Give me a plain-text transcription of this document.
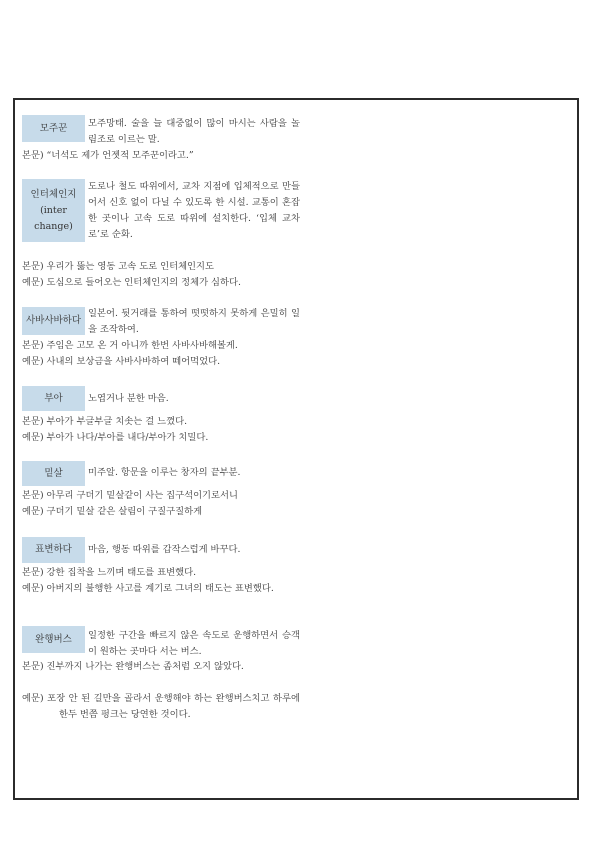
모주꾼 모주망태. 술을 늘 대중없이 많이 마시는 사람을 놀림조로 이르는 말.
본문) “너석도 제가 언젯적 모주꾼이라고.”
인터체인지
(inter
change)
도로나 철도 따위에서, 교차 지점에 입체적으로 만들어서 신호 없이 다닐 수 있도록 한 시설. 교통이 혼잡한 곳이나 고속 도로 따위에 설치한다. ‘입체 교차로’로 순화.
본문) 우리가 뚫는 영동 고속 도로 인터체인지도
예문) 도심으로 들어오는 인터체인지의 정체가 심하다.
사바사바하다
일본어. 뒷거래를 통하여 떳떳하지 못하게 은밀히 일을 조작하여.
본문) 주임은 고모 온 거 아니까 한번 사바사바해볼게.
예문) 사내의 보상금을 사바사바하여 떼어먹었다.
부아	노엽거나 분한 마음.
본문) 부아가 부글부글 치솟는 걸 느꼈다.
예문) 부아가 나다/부아를 내다/부아가 치밀다.
밑살	미주알. 항문을 이루는 창자의 끝부분.
본문) 아무리 구더기 밑살같이 사는 집구석이기로서니
예문) 구더기 밑살 같은 살림이 구질구질하게
표변하다 마음, 행동 따위를 갑작스럽게 바꾸다.
본문) 강한 집착을 느끼며 태도를 표변했다.
예문) 아버지의 불행한 사고를 계기로 그녀의 태도는 표변했다.
완행버스 일정한 구간을 빠르지 않은 속도로 운행하면서 승객이 원하는 곳마다 서는 버스.
본문) 진부까지 나가는 완행버스는 좀처럼 오지 않았다.
예문) 포장 안 된 길만을 골라서 운행해야 하는 완행버스치고 하루에 한두 번쯤 펑크는 당연한 것이다.
